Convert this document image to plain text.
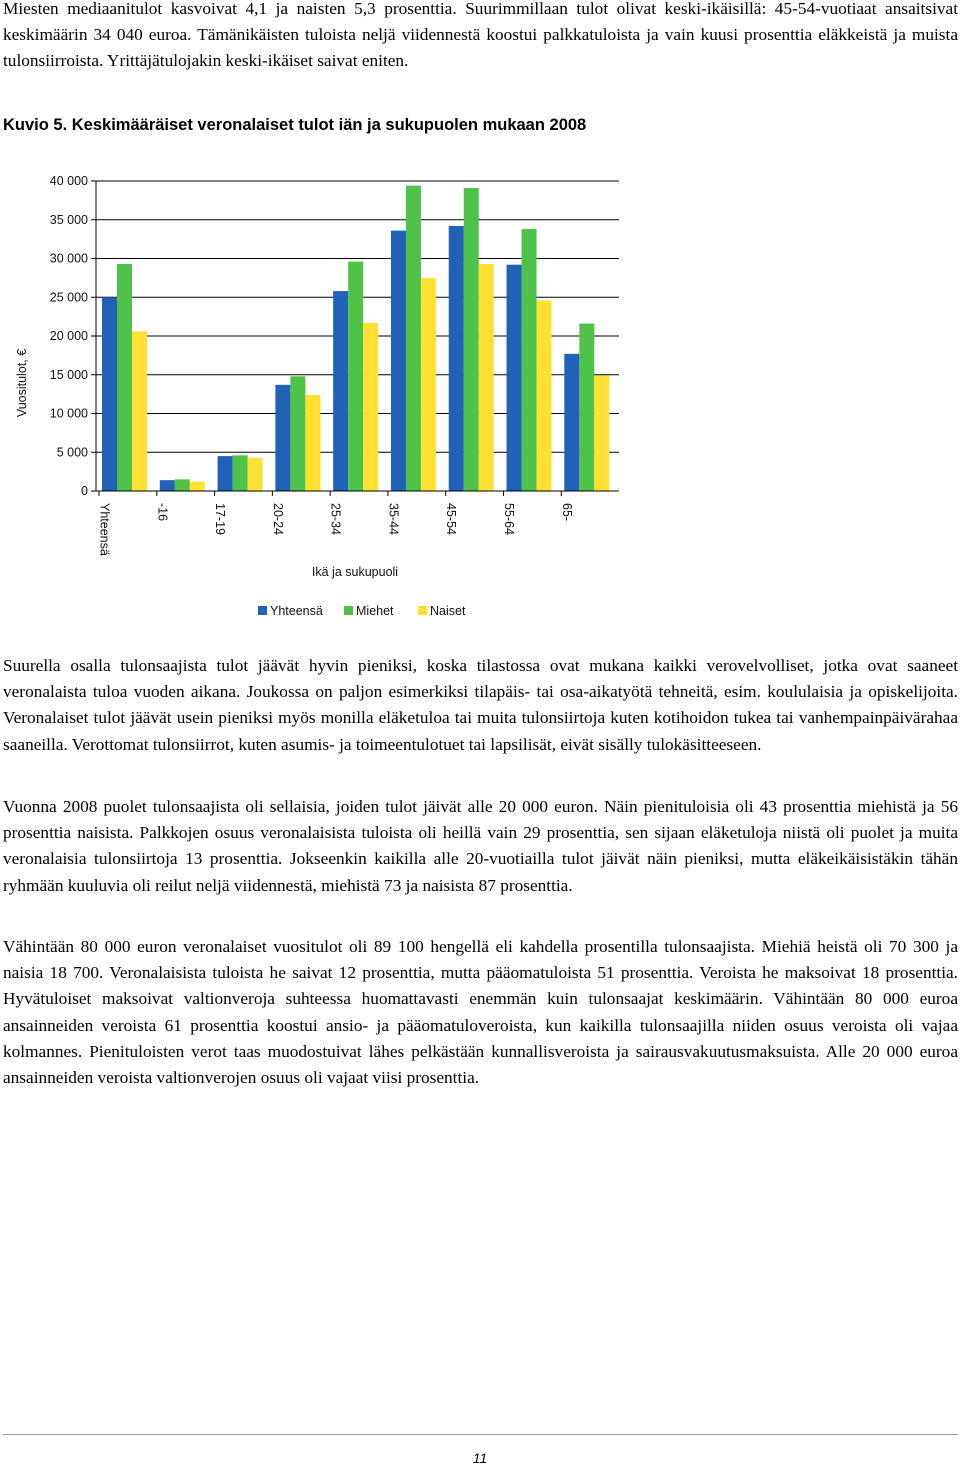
Miesten mediaanitulot kasvoivat 4,1 ja naisten 5,3 prosenttia. Suurimmillaan tulot olivat keski-ikäisillä: 45-54-vuotiaat ansaitsivat keskimäärin 34 040 euroa. Tämänikäisten tuloista neljä viidennestä koostui palkkatuloista ja vain kuusi prosenttia eläkkeistä ja muista tulonsiirroista. Yrittäjätulojakin keski-ikäiset saivat eniten.

Kuvio 5. Keskimääräiset veronalaiset tulot iän ja sukupuolen mukaan 2008
Vuositulot, €
0
5 000
10 000
15 000
20 000
25 000
30 000
35 000
40 000
Yhteensä	-16	17-19	20-24	25-34	35-44	45-54	55-64	65-
Ikä ja sukupuoli
Yhteensä	Miehet	Naiset

Suurella osalla tulonsaajista tulot jäävät hyvin pieniksi, koska tilastossa ovat mukana kaikki verovelvolliset, jotka ovat saaneet veronalaista tuloa vuoden aikana. Joukossa on paljon esimerkiksi tilapäis- tai osa-aikatyötä tehneitä, esim. koululaisia ja opiskelijoita. Veronalaiset tulot jäävät usein pieniksi myös monilla eläketuloa tai muita tulonsiirtoja kuten kotihoidon tukea tai vanhempainpäivärahaa saaneilla. Verottomat tulonsiirrot, kuten asumis- ja toimeentulotuet tai lapsilisät, eivät sisälly tulokäsitteeseen.

Vuonna 2008 puolet tulonsaajista oli sellaisia, joiden tulot jäivät alle 20 000 euron. Näin pienituloisia oli 43 prosenttia miehistä ja 56 prosenttia naisista. Palkkojen osuus veronalaisista tuloista oli heillä vain 29 prosenttia, sen sijaan eläketuloja niistä oli puolet ja muita veronalaisia tulonsiirtoja 13 prosenttia. Jokseenkin kaikilla alle 20-vuotiailla tulot jäivät näin pieniksi, mutta eläkeikäisistäkin tähän ryhmään kuuluvia oli reilut neljä viidennestä, miehistä 73 ja naisista 87 prosenttia.

Vähintään 80 000 euron veronalaiset vuositulot oli 89 100 hengellä eli kahdella prosentilla tulonsaajista. Miehiä heistä oli 70 300 ja naisia 18 700. Veronalaisista tuloista he saivat 12 prosenttia, mutta pääomatuloista 51 prosenttia. Veroista he maksoivat 18 prosenttia. Hyvätuloiset maksoivat valtionveroja suhteessa huomattavasti enemmän kuin tulonsaajat keskimäärin. Vähintään 80 000 euroa ansainneiden veroista 61 prosenttia koostui ansio- ja pääomatuloveroista, kun kaikilla tulonsaajilla niiden osuus veroista oli vajaa kolmannes. Pienituloisten verot taas muodostuivat lähes pelkästään kunnallisveroista ja sairausvakuutusmaksuista. Alle 20 000 euroa ansainneiden veroista valtionverojen osuus oli vajaat viisi prosenttia.

11
